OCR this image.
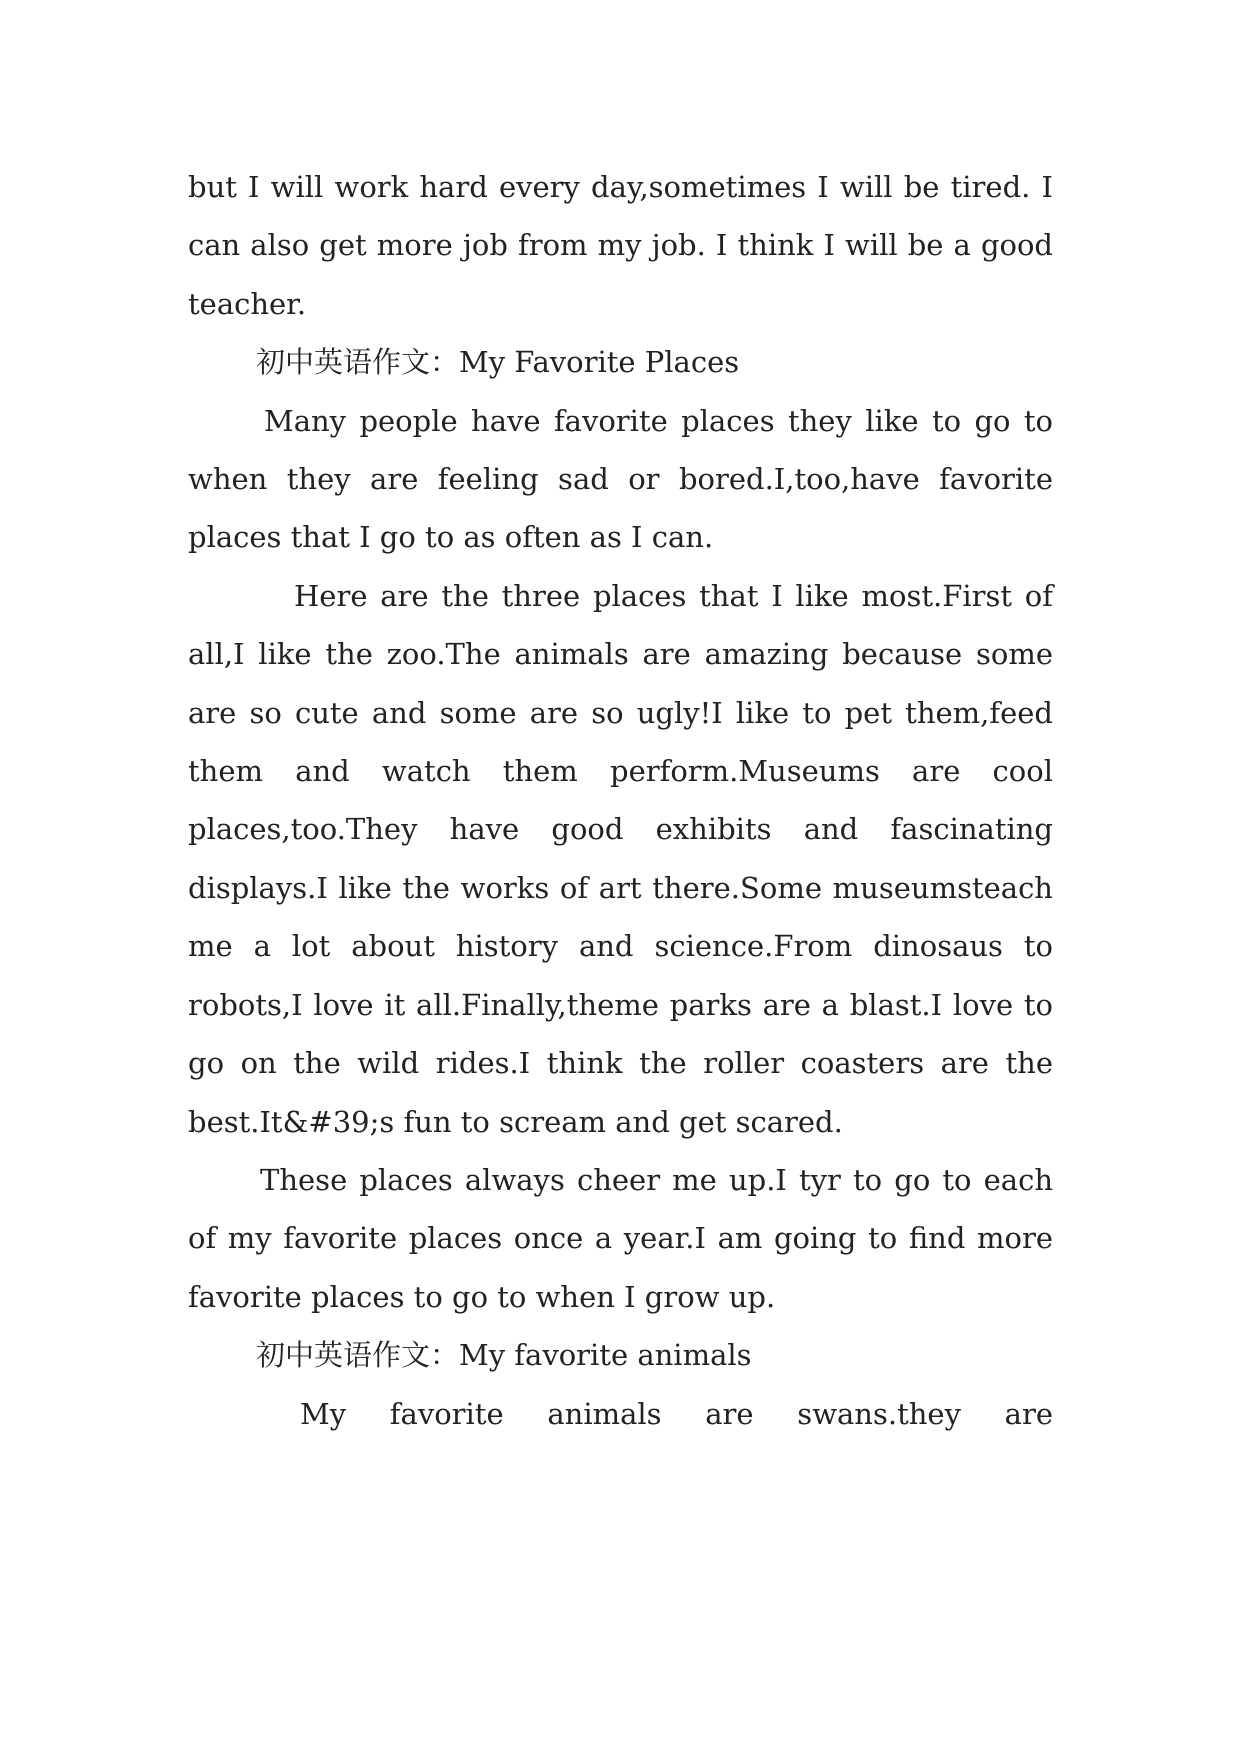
but I will work hard every day,sometimes I will be tired. I can also get more job from my job. I think I will be a good teacher.

初中英语作文：My Favorite Places

Many people have favorite places they like to go to when they are feeling sad or bored.I,too,have favorite places that I go to as often as I can.

Here are the three places that I like most.First of all,I like the zoo.The animals are amazing because some are so cute and some are so ugly!I like to pet them,feed them and watch them perform.Museums are cool places,too.They have good exhibits and fascinating displays.I like the works of art there.Some museumsteach me a lot about history and science.From dinosaus to robots,I love it all.Finally,theme parks are a blast.I love to go on the wild rides.I think the roller coasters are the best.It&#39;s fun to scream and get scared.

These places always cheer me up.I tyr to go to each of my favorite places once a year.I am going to find more favorite places to go to when I grow up.

初中英语作文：My favorite animals

My favorite animals are swans.they are
